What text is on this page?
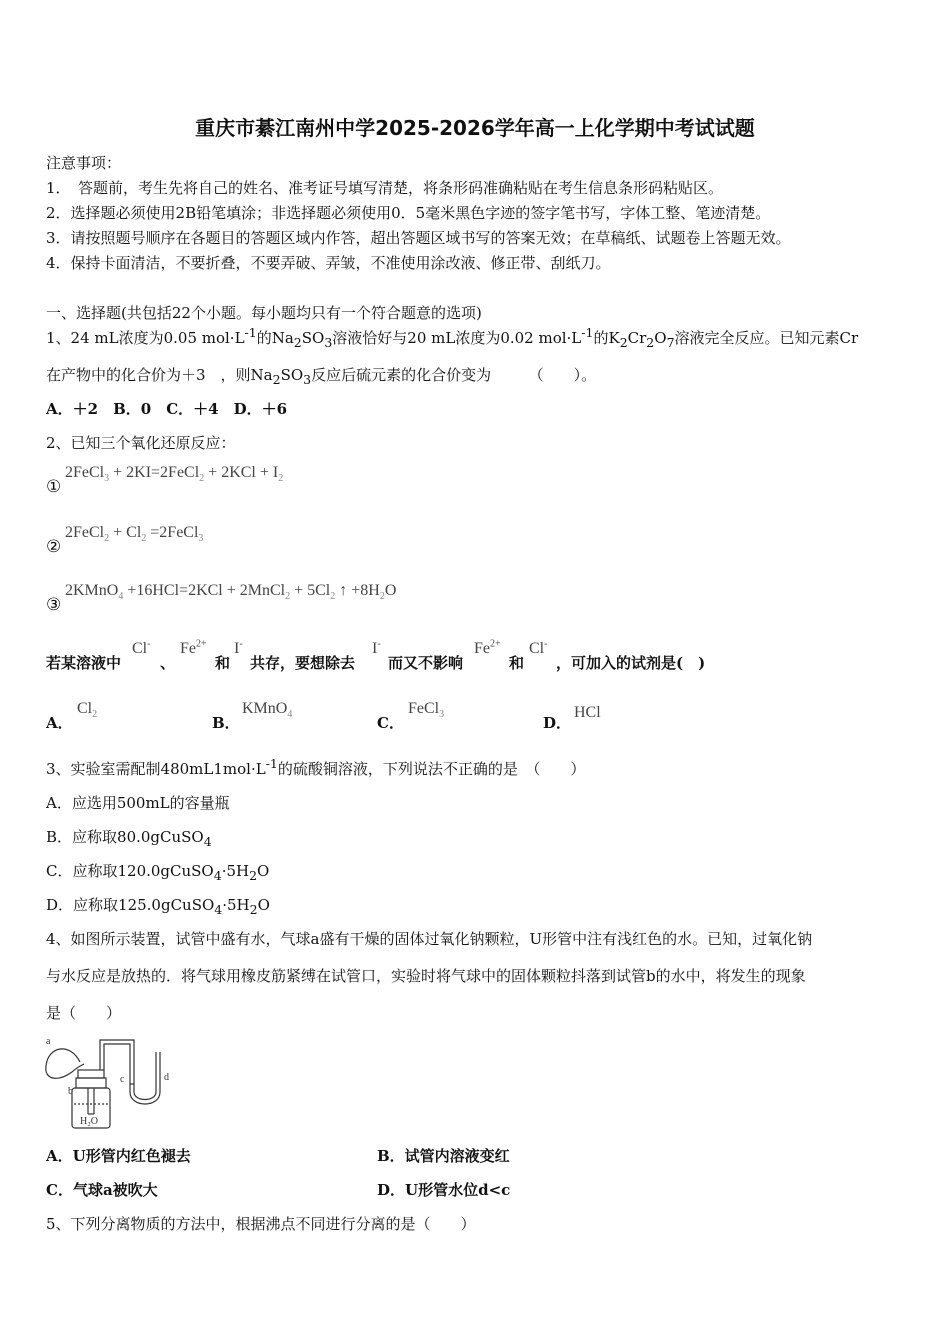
重庆市綦江南州中学2025-2026学年高一上化学期中考试试题
注意事项：
1．　答题前，考生先将自己的姓名、准考证号填写清楚，将条形码准确粘贴在考生信息条形码粘贴区。
2．选择题必须使用2B铅笔填涂；非选择题必须使用0．5毫米黑色字迹的签字笔书写，字体工整、笔迹清楚。
3．请按照题号顺序在各题目的答题区域内作答，超出答题区域书写的答案无效；在草稿纸、试题卷上答题无效。
4．保持卡面清洁，不要折叠，不要弄破、弄皱，不准使用涂改液、修正带、刮纸刀。
一、选择题(共包括22个小题。每小题均只有一个符合题意的选项)
1、24 mL浓度为0.05 $mol\cdot L^{-1}$的$Na_2SO_3$溶液恰好与20 mL浓度为0.02 $mol\cdot L^{-1}$的$K_2Cr_2O_7$溶液完全反应。已知元素Cr
在产物中的化合价为＋3　，则$Na_2SO_3$反应后硫元素的化合价变为　　　（　　）。
A．＋2　B．0　C．＋4　D．＋6
2、已知三个氧化还原反应：
①
2FeCl$_3$ + 2KI=2FeCl$_2$ + $2KCl + I_2$
②
2FeCl$_2$ + $Cl_2$ =2FeCl$_3$
③
2KMnO$_4$ +16HCl=2KCl + 2MnCl$_2$ + $5Cl_2$ ↑ $+8H_2O$
若某溶液中
Cl-
、
$Fe^{2+}$
和
I-
共存，要想除去
I-
而又不影响
$Fe^{2+}$
和
Cl-
，可加入的试剂是(　)
A．
$Cl_2$	B．
KMnO$_4$	C．
FeCl$_3$	D．
HCl
3、实验室需配制$480mL1mol\cdot L^{-1}$的硫酸铜溶液，下列说法不正确的是　（　　）
A．应选用500mL的容量瓶
B．应称取80.0gCuSO$_4$
C．应称取$120.0gCuSO_4\cdot 5H_2O$
D．应称取$125.0gCuSO_4\cdot 5H_2O$
4、如图所示装置，试管中盛有水，气球a盛有干燥的固体过氧化钠颗粒，U形管中注有浅红色的水。已知，过氧化钠
与水反应是放热的．将气球用橡皮筋紧缚在试管口，实验时将气球中的固体颗粒抖落到试管b的水中，将发生的现象
是（　　）
a
b
c	d
H₂O
A．U形管内红色褪去	B．试管内溶液变红
C．气球a被吹大	D．U形管水位d<c
5、下列分离物质的方法中，根据沸点不同进行分离的是（　　）
